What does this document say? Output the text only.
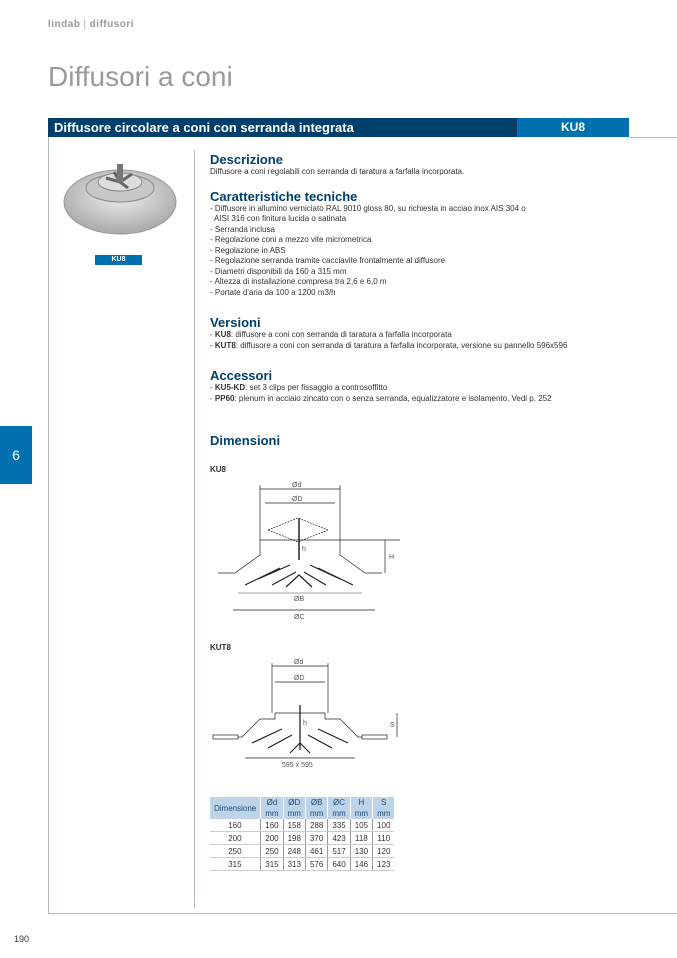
lindab | diffusori
Diffusori a coni
Diffusore circolare a coni con serranda integrata	KU8
6
190
KU8
Descrizione
Diffusore a coni regolabili con serranda di taratura a farfalla incorporata.
Caratteristiche tecniche
- Diffusore in allumino verniciato RAL 9010 gloss 80, su richiesta in acciao inox AIS 304 o
AISI 316 con finitura lucida o satinata
- Serranda inclusa
- Regolazione coni a mezzo vite micrometrica
- Regolazione in ABS
- Regolazione serranda tramite cacciavite frontalmente al diffusore
- Diametri disponibili da 160 a 315 mm
- Altezza di installazione compresa tra 2,6 e 6,0 m
- Portate d'aria da 100 a 1200 m3/h
Versioni
- KU8: diffusore a coni con serranda di taratura a farfalla incorporata
- KUT8: diffusore a coni con serranda di taratura a farfalla incorporata, versione su pannello 596x596
Accessori
- KU5-KD: set 3 clips per fissaggio a controsoffitto
- PP60: plenum in acciaio zincato con o senza serranda, equalizzatore e isolamento. Vedi p. 252
Dimensioni
KU8
Ød
ØD
ØB
ØC
H
h
KUT8
Ød
ØD
S
h
595 x 595
Dimensione	Ød	ØD	ØB	ØC	H	S
	mm	mm	mm	mm	mm	mm
160	160	158	288	335	105	100
200	200	198	370	423	118	110
250	250	248	461	517	130	120
315	315	313	576	640	146	123
